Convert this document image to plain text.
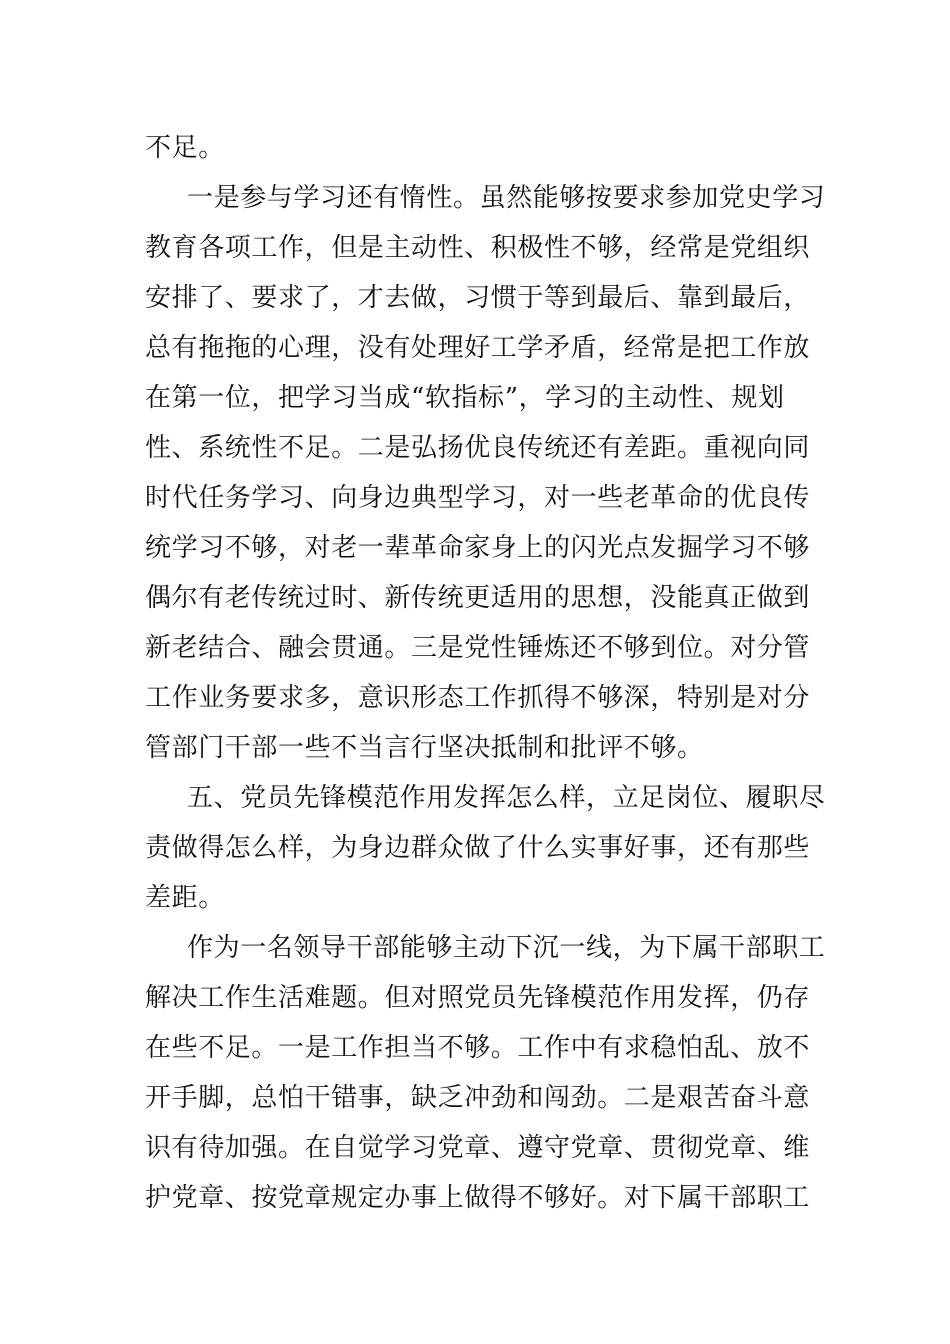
不足。
一是参与学习还有惰性。虽然能够按要求参加党史学习
教育各项工作，但是主动性、积极性不够，经常是党组织
安排了、要求了，才去做，习惯于等到最后、靠到最后，
总有拖拖的心理，没有处理好工学矛盾，经常是把工作放
在第一位，把学习当成“软指标”，学习的主动性、规划
性、系统性不足。二是弘扬优良传统还有差距。重视向同
时代任务学习、向身边典型学习，对一些老革命的优良传
统学习不够，对老一辈革命家身上的闪光点发掘学习不够
偶尔有老传统过时、新传统更适用的思想，没能真正做到
新老结合、融会贯通。三是党性锤炼还不够到位。对分管
工作业务要求多，意识形态工作抓得不够深，特别是对分
管部门干部一些不当言行坚决抵制和批评不够。
五、党员先锋模范作用发挥怎么样，立足岗位、履职尽
责做得怎么样，为身边群众做了什么实事好事，还有那些
差距。
作为一名领导干部能够主动下沉一线，为下属干部职工
解决工作生活难题。但对照党员先锋模范作用发挥，仍存
在些不足。一是工作担当不够。工作中有求稳怕乱、放不
开手脚，总怕干错事，缺乏冲劲和闯劲。二是艰苦奋斗意
识有待加强。在自觉学习党章、遵守党章、贯彻党章、维
护党章、按党章规定办事上做得不够好。对下属干部职工
